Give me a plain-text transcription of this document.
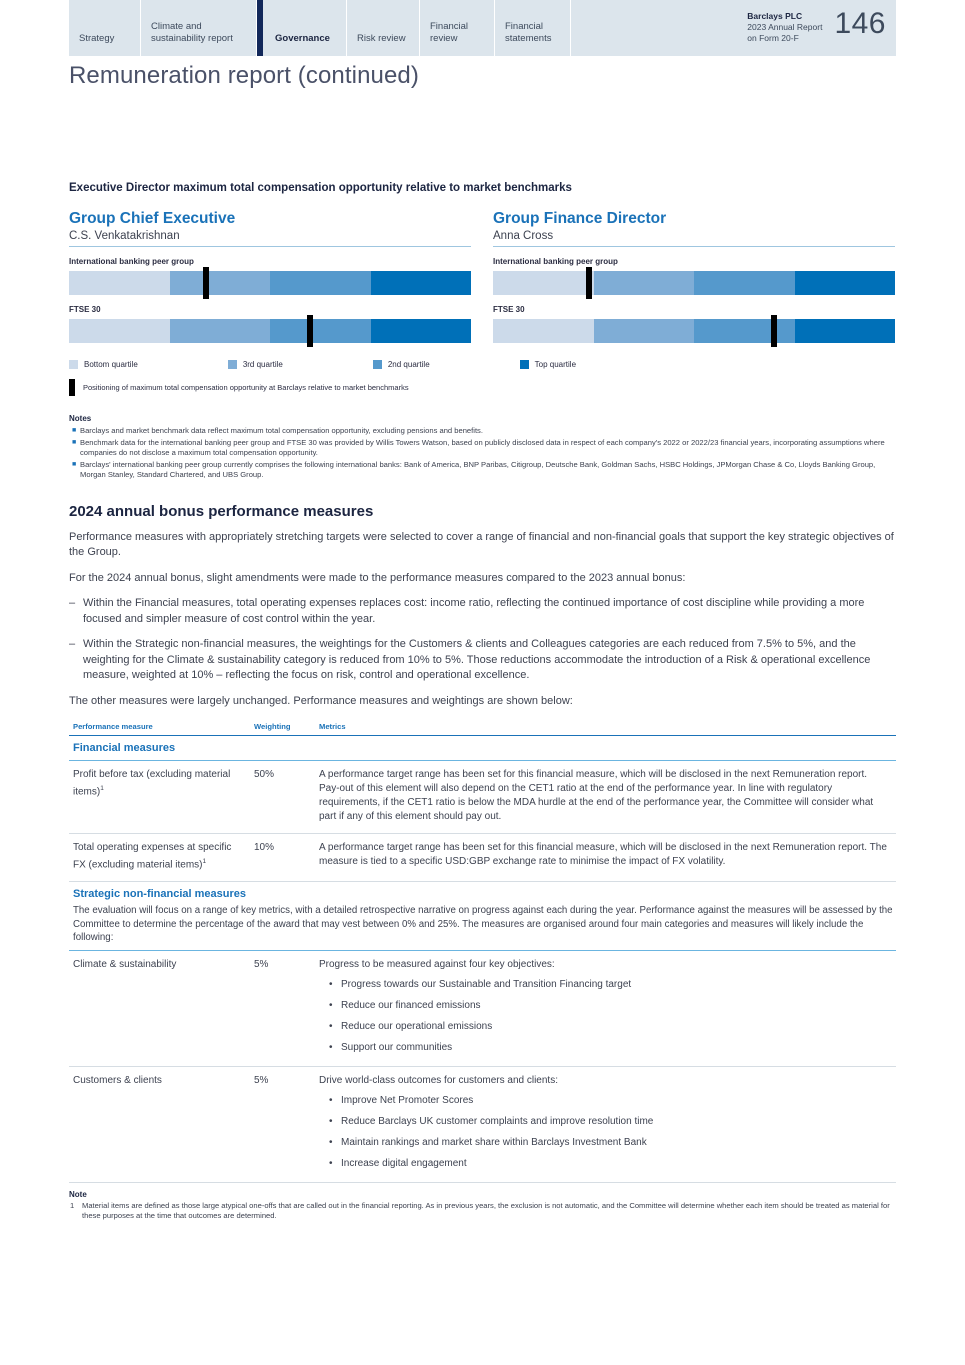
Strategy
Climate and sustainability report	Governance	Risk review
Financial review
Financial statements
Barclays PLC
2023 Annual Report
on Form 20-F	146
Remuneration report (continued)
Executive Director maximum total compensation opportunity relative to market benchmarks
Group Chief Executive
C.S. Venkatakrishnan
International banking peer group
FTSE 30
Group Finance Director
Anna Cross
International banking peer group
FTSE 30
Bottom quartile	3rd quartile	2nd quartile	Top quartile
Positioning of maximum total compensation opportunity at Barclays relative to market benchmarks
Notes
■ Barclays and market benchmark data reflect maximum total compensation opportunity, excluding pensions and benefits.
■ Benchmark data for the international banking peer group and FTSE 30 was provided by Willis Towers Watson, based on publicly disclosed data in respect of each company's 2022 or 2022/23 financial years, incorporating assumptions where companies do not disclose a maximum total compensation opportunity.
■ Barclays' international banking peer group currently comprises the following international banks: Bank of America, BNP Paribas, Citigroup, Deutsche Bank, Goldman Sachs, HSBC Holdings, JPMorgan Chase & Co, Lloyds Banking Group, Morgan Stanley, Standard Chartered, and UBS Group.
2024 annual bonus performance measures
Performance measures with appropriately stretching targets were selected to cover a range of financial and non-financial goals that support the key strategic objectives of the Group.
For the 2024 annual bonus, slight amendments were made to the performance measures compared to the 2023 annual bonus:
– Within the Financial measures, total operating expenses replaces cost: income ratio, reflecting the continued importance of cost discipline while providing a more focused and simpler measure of cost control within the year.
– Within the Strategic non-financial measures, the weightings for the Customers & clients and Colleagues categories are each reduced from 7.5% to 5%, and the weighting for the Climate & sustainability category is reduced from 10% to 5%. Those reductions accommodate the introduction of a Risk & operational excellence measure, weighted at 10% – reflecting the focus on risk, control and operational excellence.
The other measures were largely unchanged. Performance measures and weightings are shown below:
Performance measure	Weighting	Metrics

Financial measures		

Profit before tax (excluding material items)$^1$	50%	A performance target range has been set for this financial measure, which will be disclosed in the next Remuneration report. Pay-out of this element will also depend on the CET1 ratio at the end of the performance year. In line with regulatory requirements, if the CET1 ratio is below the MDA hurdle at the end of the performance year, the Committee will consider what part if any of this element should pay out.
Total operating expenses at specific FX (excluding material items)$^1$	10%	A performance target range has been set for this financial measure, which will be disclosed in the next Remuneration report. The measure is tied to a specific USD:GBP exchange rate to minimise the impact of FX volatility.

Strategic non-financial measures
The evaluation will focus on a range of key metrics, with a detailed retrospective narrative on progress against each during the year. Performance against the measures will be assessed by the Committee to determine the percentage of the award that may vest between 0% and 25%. The measures are organised around four main categories and measures will likely include the following:		

Climate & sustainability	5%	Progress to be measured against four key objectives:
• Progress towards our Sustainable and Transition Financing target
• Reduce our financed emissions
• Reduce our operational emissions
• Support our communities

Customers & clients	5%	Drive world-class outcomes for customers and clients:
• Improve Net Promoter Scores
• Reduce Barclays UK customer complaints and improve resolution time
• Maintain rankings and market share within Barclays Investment Bank
• Increase digital engagement
Note
1	Material items are defined as those large atypical one-offs that are called out in the financial reporting. As in previous years, the exclusion is not automatic, and the Committee will determine whether each item should be treated as material for these purposes at the time that outcomes are determined.
